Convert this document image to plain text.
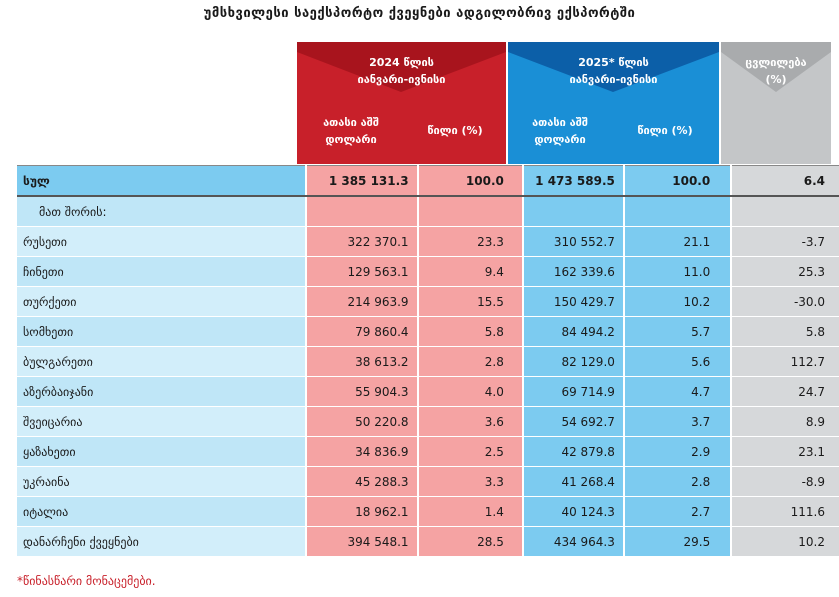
უმსხვილესი საექსპორტო ქვეყნები ადგილობრივ ექსპორტში
2024 წლის
იანვარი-ივნისი
ათასი აშშ
დოლარი
წილი (%)
2025* წლის
იანვარი-ივნისი
ათასი აშშ
დოლარი
წილი (%)
ცვლილება
(%)
სულ	1 385 131.3	100.0	1 473 589.5	100.0	6.4
მათ შორის:					
რუსეთი	322 370.1	23.3	310 552.7	21.1	-3.7
ჩინეთი	129 563.1	9.4	162 339.6	11.0	25.3
თურქეთი	214 963.9	15.5	150 429.7	10.2	-30.0
სომხეთი	79 860.4	5.8	84 494.2	5.7	5.8
ბულგარეთი	38 613.2	2.8	82 129.0	5.6	112.7
აზერბაიჯანი	55 904.3	4.0	69 714.9	4.7	24.7
შვეიცარია	50 220.8	3.6	54 692.7	3.7	8.9
ყაზახეთი	34 836.9	2.5	42 879.8	2.9	23.1
უკრაინა	45 288.3	3.3	41 268.4	2.8	-8.9
იტალია	18 962.1	1.4	40 124.3	2.7	111.6
დანარჩენი ქვეყნები	394 548.1	28.5	434 964.3	29.5	10.2
*წინასწარი მონაცემები.
